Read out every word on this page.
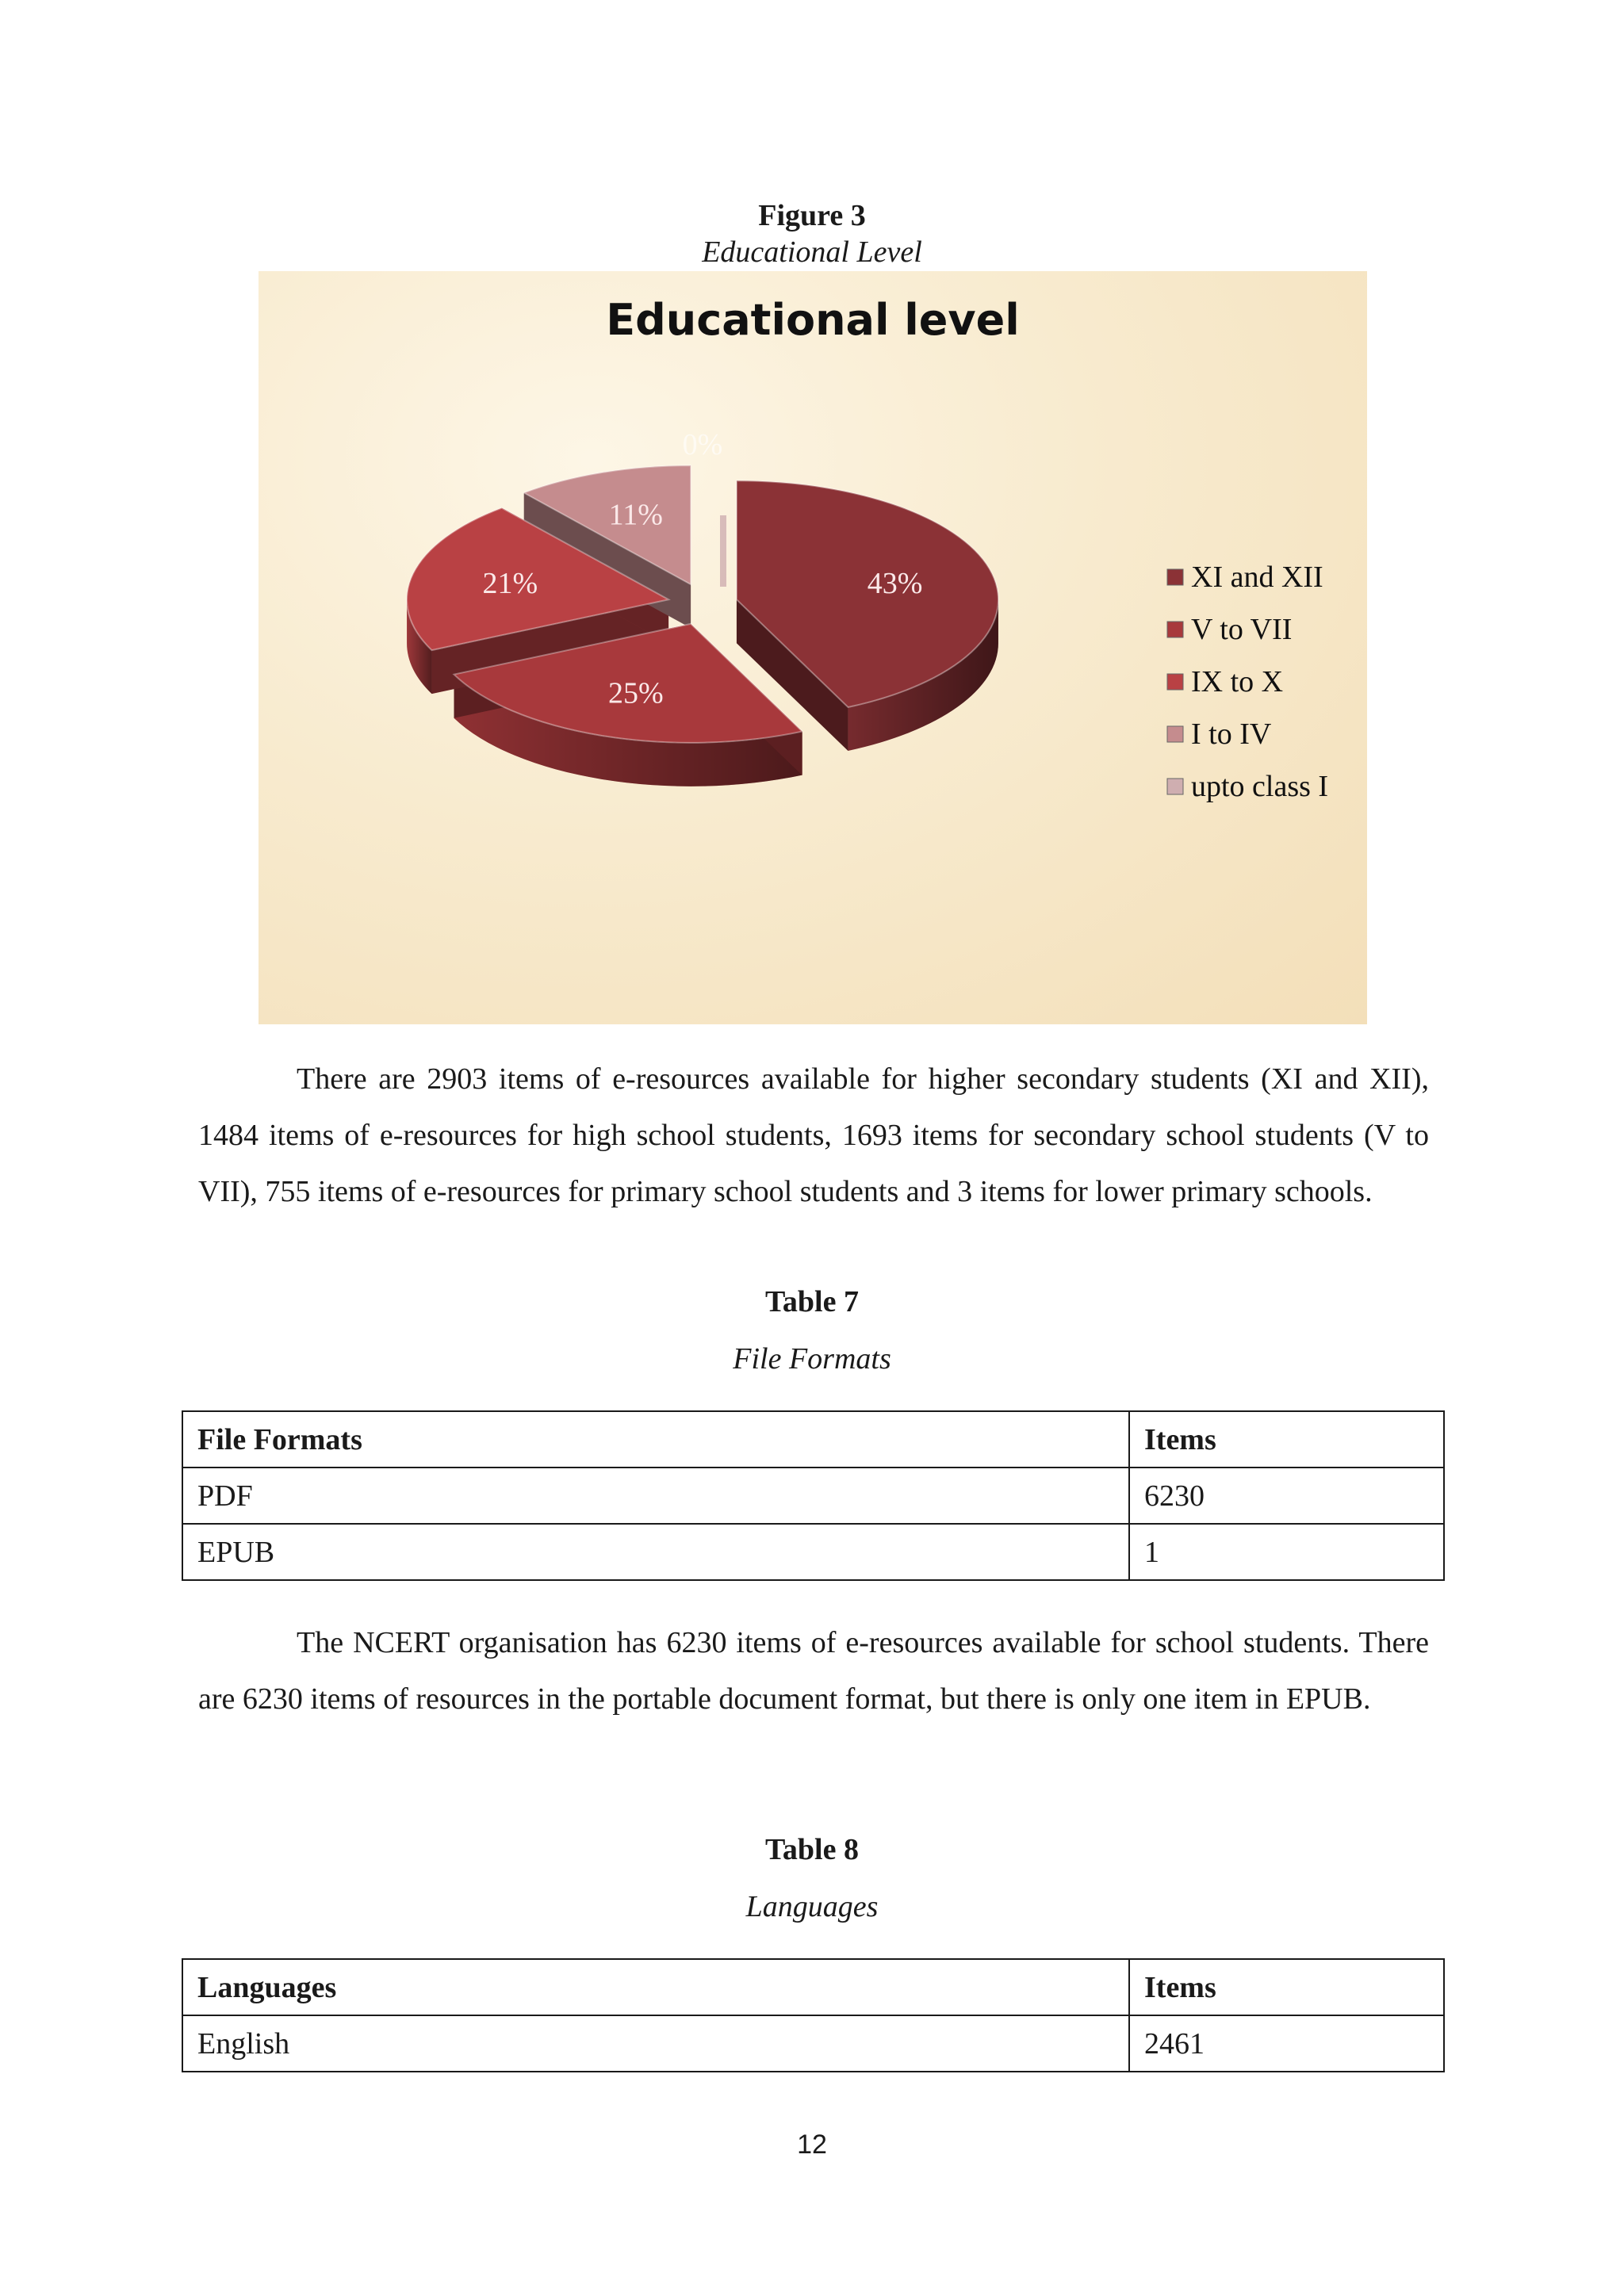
Figure 3
Educational Level
Educational level
43%
25%
21%
11%
0%
XI and XII
V to VII
IX to X
I to IV
upto class I

There are 2903 items of e-resources available for higher secondary students (XI and XII), 1484 items of e-resources for high school students, 1693 items for secondary school students (V to VII), 755 items of e-resources for primary school students and 3 items for lower primary schools.

Table 7
File Formats
File Formats	Items
PDF	6230
EPUB	1

The NCERT organisation has 6230 items of e-resources available for school students. There are 6230 items of resources in the portable document format, but there is only one item in EPUB.

Table 8
Languages
Languages	Items
English	2461
12
